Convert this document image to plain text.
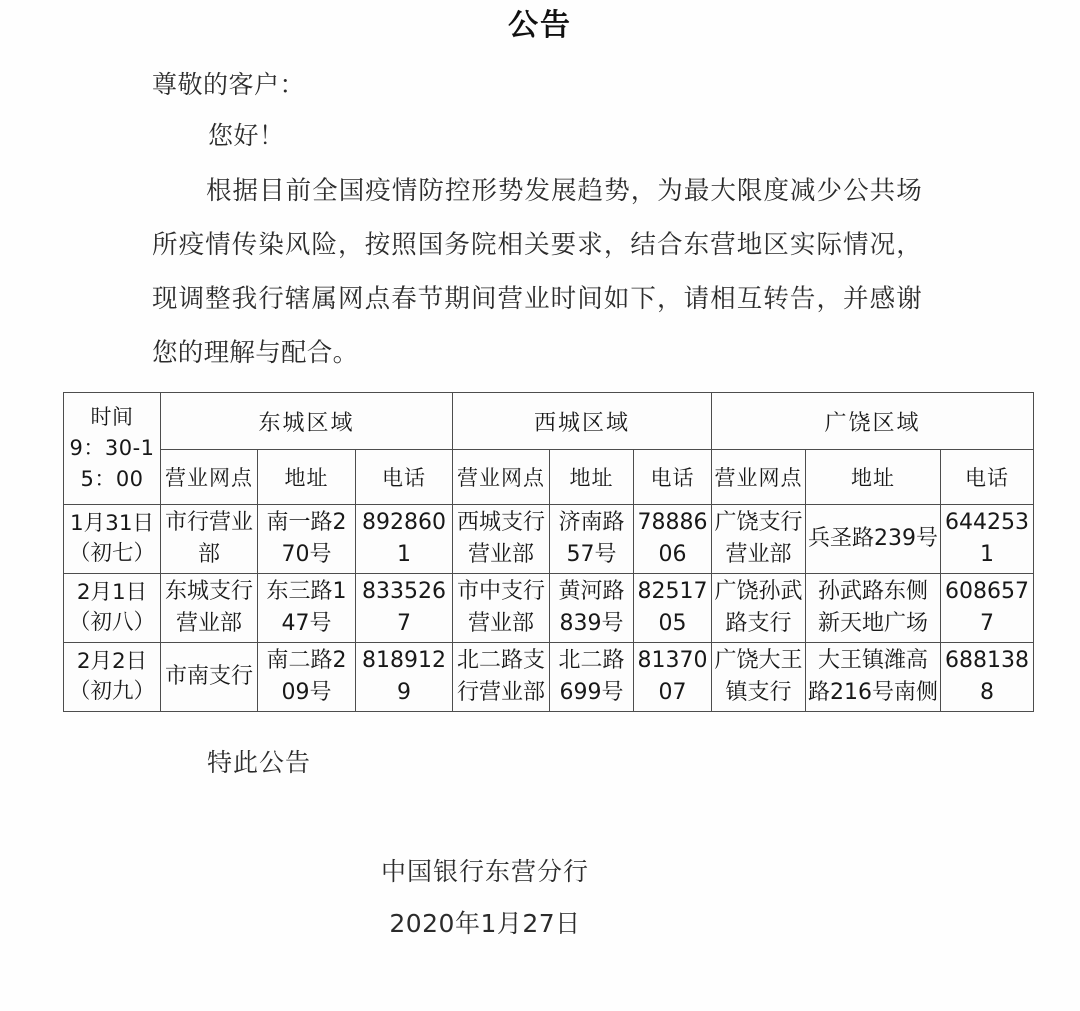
公告
尊敬的客户：
您好！
根据目前全国疫情防控形势发展趋势，为最大限度减少公共场所疫情传染风险，按照国务院相关要求，结合东营地区实际情况，现调整我行辖属网点春节期间营业时间如下，请相互转告，并感谢您的理解与配合。
时间
9：30-1
5：00	东城区域			西城区域			广饶区域		
	营业网点	地址	电话	营业网点	地址	电话	营业网点	地址	电话

1月31日
（初七）	市行营业部	南一路270号	8928601	西城支行营业部	济南路57号	7888606	广饶支行营业部	兵圣路239号	6442531

2月1日
（初八）	东城支行营业部	东三路147号	8335267	市中支行营业部	黄河路839号	8251705	广饶孙武路支行	孙武路东侧新天地广场	6086577

2月2日
（初九）	市南支行	南二路209号	8189129	北二路支行营业部	北二路699号	8137007	广饶大王镇支行	大王镇潍高路216号南侧	6881388
特此公告
中国银行东营分行
2020年1月27日
